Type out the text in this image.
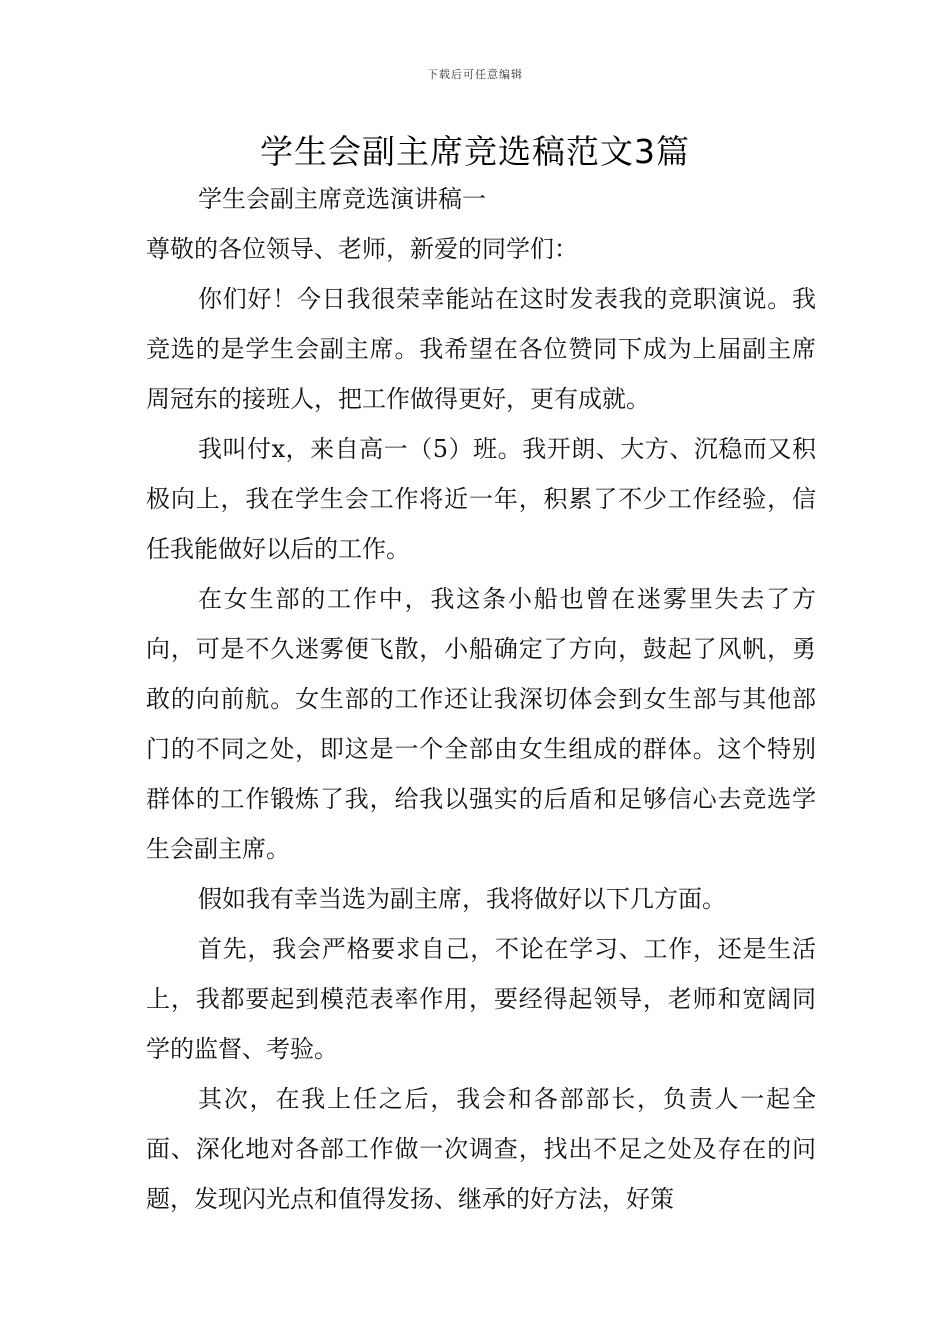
下载后可任意编辑
学生会副主席竞选稿范文3篇

学生会副主席竞选演讲稿一

尊敬的各位领导、老师，新爱的同学们：

你们好！今日我很荣幸能站在这时发表我的竞职演说。我竞选的是学生会副主席。我希望在各位赞同下成为上届副主席周冠东的接班人，把工作做得更好，更有成就。

我叫付x，来自高一（5）班。我开朗、大方、沉稳而又积极向上，我在学生会工作将近一年，积累了不少工作经验，信任我能做好以后的工作。

在女生部的工作中，我这条小船也曾在迷雾里失去了方向，可是不久迷雾便飞散，小船确定了方向，鼓起了风帆，勇敢的向前航。女生部的工作还让我深切体会到女生部与其他部门的不同之处，即这是一个全部由女生组成的群体。这个特别群体的工作锻炼了我，给我以强实的后盾和足够信心去竞选学生会副主席。

假如我有幸当选为副主席，我将做好以下几方面。

首先，我会严格要求自己，不论在学习、工作，还是生活上，我都要起到模范表率作用，要经得起领导，老师和宽阔同学的监督、考验。

其次，在我上任之后，我会和各部部长，负责人一起全面、深化地对各部工作做一次调查，找出不足之处及存在的问题，发现闪光点和值得发扬、继承的好方法，好策
